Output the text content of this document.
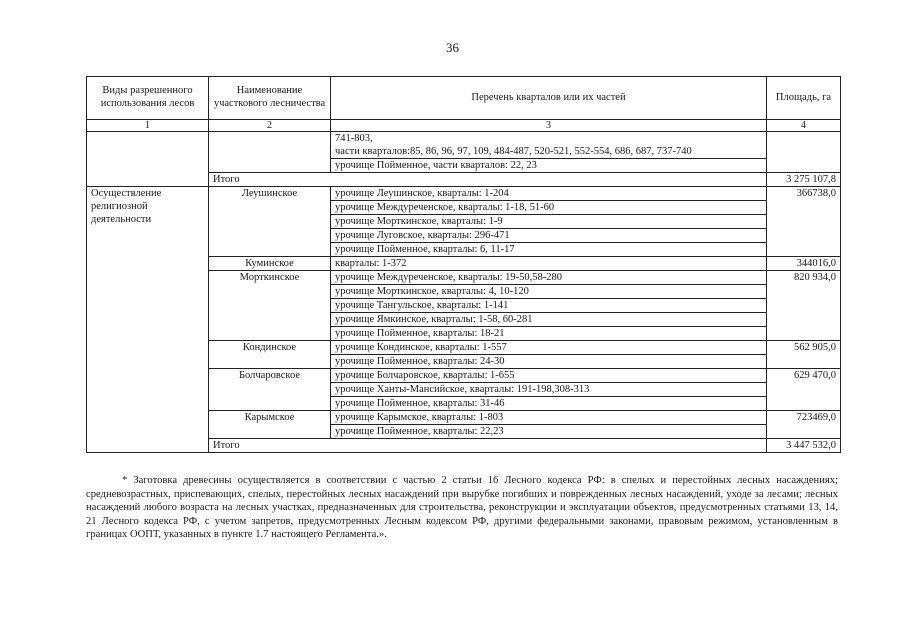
36
Виды разрешенного использования лесов	Наименование участкового лесничества	Перечень кварталов или их частей	Площадь, га
1	2	3	4

		741-803,
части кварталов:85, 86, 96, 97, 109, 484-487, 520-521, 552-554, 686, 687, 737-740	

		урочище Пойменное, части кварталов: 22, 23	
	Итого		3 275 107,8
Осуществление религиозной деятельности	Леушинское	урочище Леушинское, кварталы: 1-204	366738,0
		урочище Междуреченское, кварталы: 1-18, 51-60	
		урочище Морткинское, кварталы: 1-9	
		урочище Луговское, кварталы: 296-471	
		урочище Пойменное, кварталы: 6, 11-17	
	Куминское	кварталы: 1-372	344016,0
	Морткинское	урочище Междуреченское, кварталы: 19-50,58-280	820 934,0
		урочище Морткинское, кварталы: 4, 10-120	
		урочище Тангульское, кварталы: 1-141	
		урочище Ямкинское, кварталы: 1-58, 60-281	
		урочище Пойменное, кварталы: 18-21	
	Кондинское	урочище Кондинское, кварталы: 1-557	562 905,0
		урочище Пойменное, кварталы: 24-30	
	Болчаровское	урочище Болчаровское, кварталы: 1-655	629 470,0
		урочище Ханты-Мансийское, кварталы: 191-198,308-313	
		урочище Пойменное, кварталы: 31-46	
	Карымское	урочище Карымское, кварталы: 1-803	723469,0
		урочище Пойменное, кварталы: 22,23	
	Итого		3 447 532,0

* Заготовка древесины осуществляется в соответствии с частью 2 статьи 16 Лесного кодекса РФ: в спелых и перестойных лесных насаждениях; средневозрастных, приспевающих, спелых, перестойных лесных насаждений при вырубке погибших и поврежденных лесных насаждений, уходе за лесами; лесных насаждений любого возраста на лесных участках, предназначенных для строительства, реконструкции и эксплуатации объектов, предусмотренных статьями 13, 14, 21 Лесного кодекса РФ, с учетом запретов, предусмотренных Лесным кодексом РФ, другими федеральными законами, правовым режимом, установленным в границах ООПТ, указанных в пункте 1.7 настоящего Регламента.».
